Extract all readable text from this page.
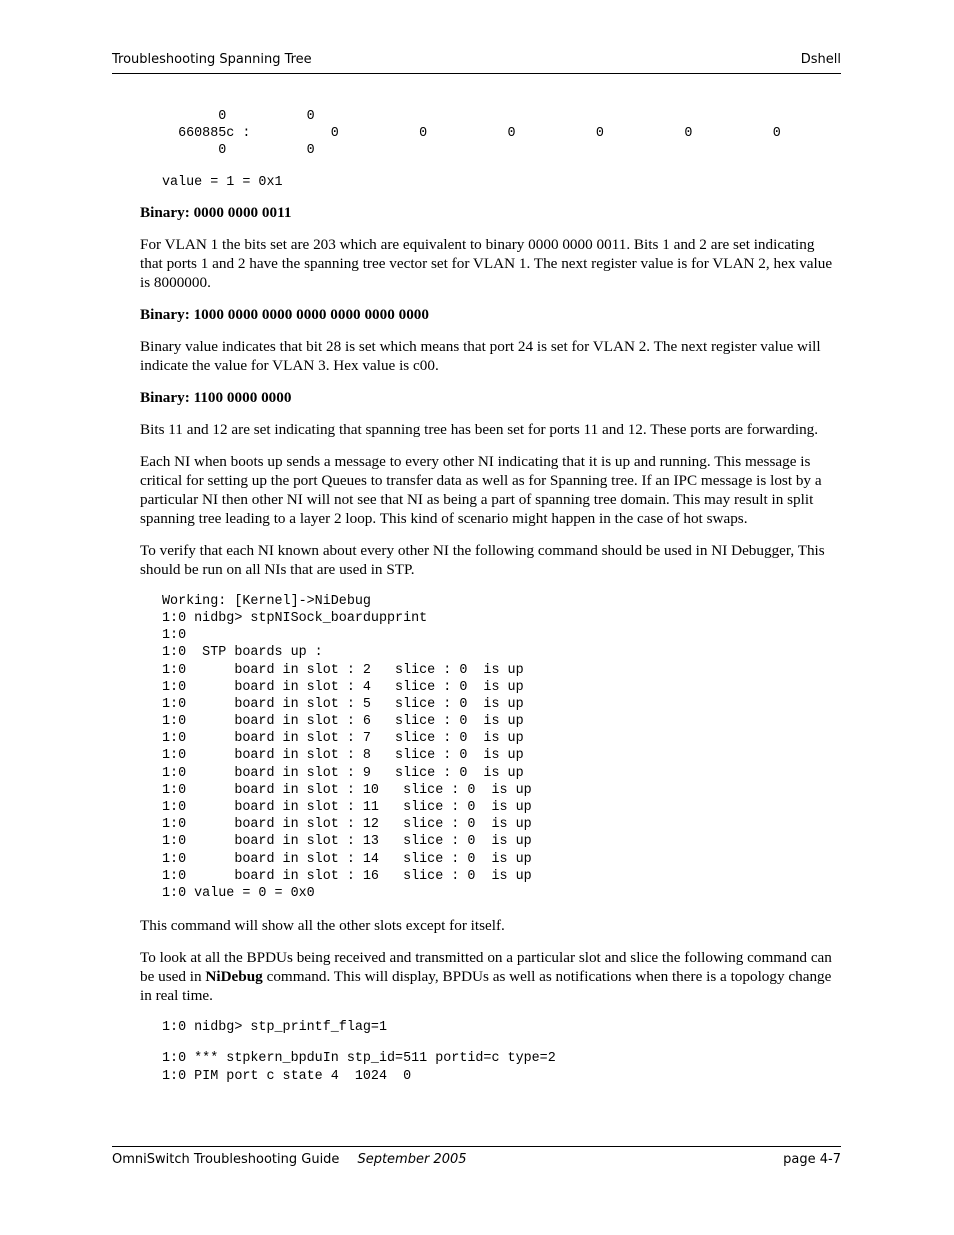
Troubleshooting Spanning Tree	Dshell
0          0
660885c :          0          0          0          0          0          0
0          0
value = 1 = 0x1

Binary: 0000 0000 0011

For VLAN 1 the bits set are 203 which are equivalent to binary 0000 0000 0011. Bits 1 and 2 are set indicating that ports 1 and 2 have the spanning tree vector set for VLAN 1. The next register value is for VLAN 2, hex value is 8000000.

Binary: 1000 0000 0000 0000 0000 0000 0000

Binary value indicates that bit 28 is set which means that port 24 is set for VLAN 2. The next register value will indicate the value for VLAN 3. Hex value is c00.

Binary: 1100 0000 0000

Bits 11 and 12 are set indicating that spanning tree has been set for ports 11 and 12. These ports are forwarding.

Each NI when boots up sends a message to every other NI indicating that it is up and running. This message is critical for setting up the port Queues to transfer data as well as for Spanning tree. If an IPC message is lost by a particular NI then other NI will not see that NI as being a part of spanning tree domain. This may result in split spanning tree leading to a layer 2 loop. This kind of scenario might happen in the case of hot swaps.

To verify that each NI known about every other NI the following command should be used in NI Debugger, This should be run on all NIs that are used in STP.

Working: [Kernel]->NiDebug
1:0 nidbg> stpNISock_boardupprint
1:0
1:0  STP boards up :
1:0      board in slot : 2   slice : 0  is up
1:0      board in slot : 4   slice : 0  is up
1:0      board in slot : 5   slice : 0  is up
1:0      board in slot : 6   slice : 0  is up
1:0      board in slot : 7   slice : 0  is up
1:0      board in slot : 8   slice : 0  is up
1:0      board in slot : 9   slice : 0  is up
1:0      board in slot : 10   slice : 0  is up
1:0      board in slot : 11   slice : 0  is up
1:0      board in slot : 12   slice : 0  is up
1:0      board in slot : 13   slice : 0  is up
1:0      board in slot : 14   slice : 0  is up
1:0      board in slot : 16   slice : 0  is up
1:0 value = 0 = 0x0

This command will show all the other slots except for itself.

To look at all the BPDUs being received and transmitted on a particular slot and slice the following command can be used in NiDebug command. This will display, BPDUs as well as notifications when there is a topology change in real time.

1:0 nidbg> stp_printf_flag=1
1:0 *** stpkern_bpduIn stp_id=511 portid=c type=2
1:0 PIM port c state 4  1024  0
OmniSwitch Troubleshooting Guide September 2005	page 4-7
